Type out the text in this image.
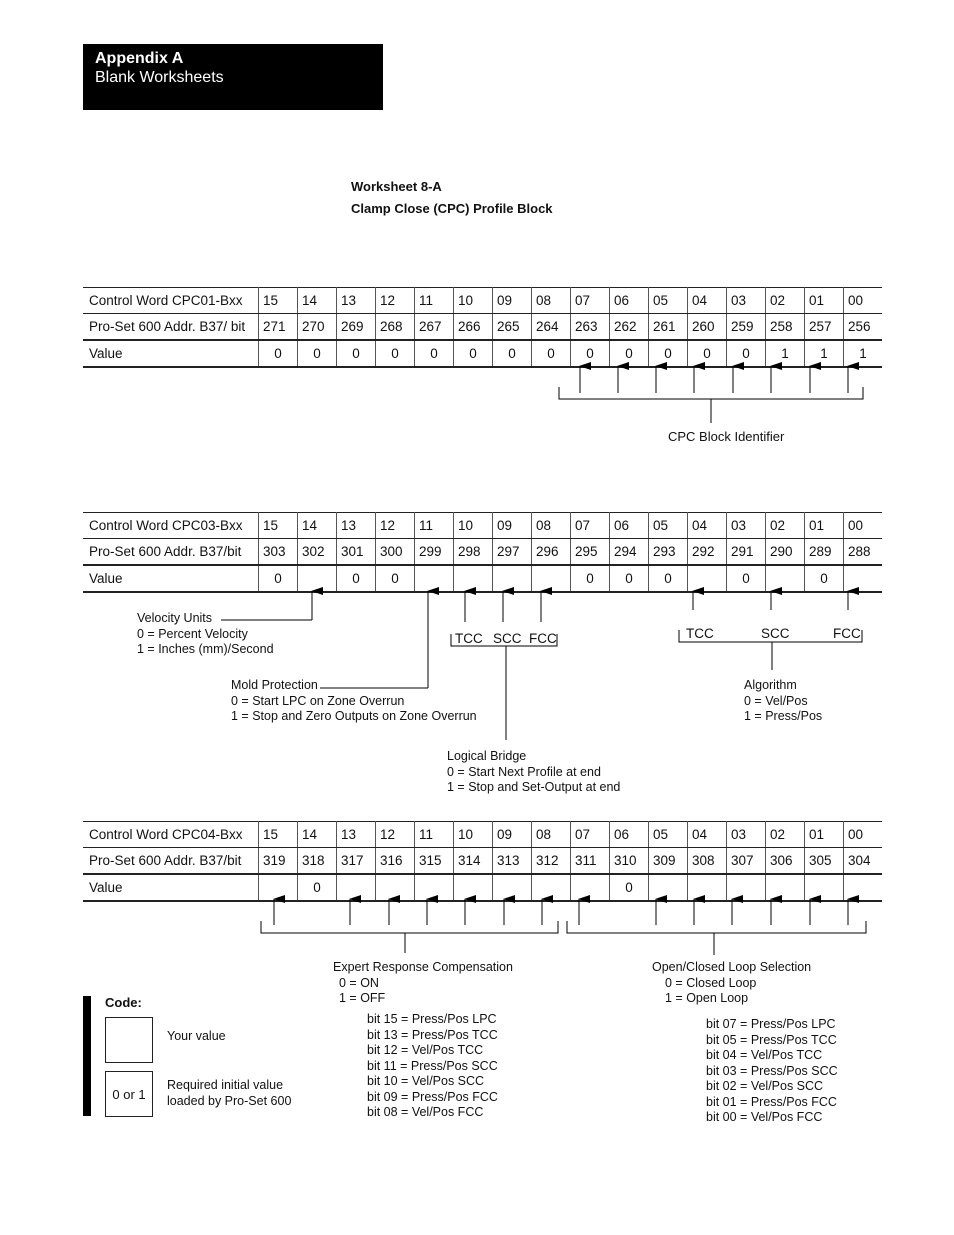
Appendix A
Blank Worksheets
Worksheet 8-A
Clamp Close (CPC) Profile Block
Control Word CPC01-Bxx	15	14	13	12	11	10	09	08	07	06	05	04	03	02	01	00
Pro-Set 600 Addr. B37/ bit	271	270	269	268	267	266	265	264	263	262	261	260	259	258	257	256
Value	0	0	0	0	0	0	0	0	0	0	0	0	0	1	1	1
Control Word CPC03-Bxx	15	14	13	12	11	10	09	08	07	06	05	04	03	02	01	00
Pro-Set 600 Addr. B37/bit	303	302	301	300	299	298	297	296	295	294	293	292	291	290	289	288
Value	0		0	0					0	0	0		0		0	
Control Word CPC04-Bxx	15	14	13	12	11	10	09	08	07	06	05	04	03	02	01	00
Pro-Set 600 Addr. B37/bit	319	318	317	316	315	314	313	312	311	310	309	308	307	306	305	304
Value		0								0						
CPC Block Identifier
Velocity Units
0 = Percent Velocity
1 = Inches (mm)/Second
Mold Protection
0 = Start LPC on Zone Overrun
1 = Stop and Zero Outputs on Zone Overrun
TCC SCC FCC	TCC	SCC	FCC
Algorithm
0 = Vel/Pos
1 = Press/Pos
Logical Bridge
0 = Start Next Profile at end
1 = Stop and Set-Output at end
Expert Response Compensation
0 = ON
1 = OFF
bit 15 = Press/Pos LPC
bit 13 = Press/Pos TCC
bit 12 = Vel/Pos TCC
bit 11 = Press/Pos SCC
bit 10 = Vel/Pos SCC
bit 09 = Press/Pos FCC
bit 08 = Vel/Pos FCC
Open/Closed Loop Selection
0 = Closed Loop
1 = Open Loop
bit 07 = Press/Pos LPC
bit 05 = Press/Pos TCC
bit 04 = Vel/Pos TCC
bit 03 = Press/Pos SCC
bit 02 = Vel/Pos SCC
bit 01 = Press/Pos FCC
bit 00 = Vel/Pos FCC
Code:
Your value
0 or 1
Required initial value
loaded by Pro-Set 600
